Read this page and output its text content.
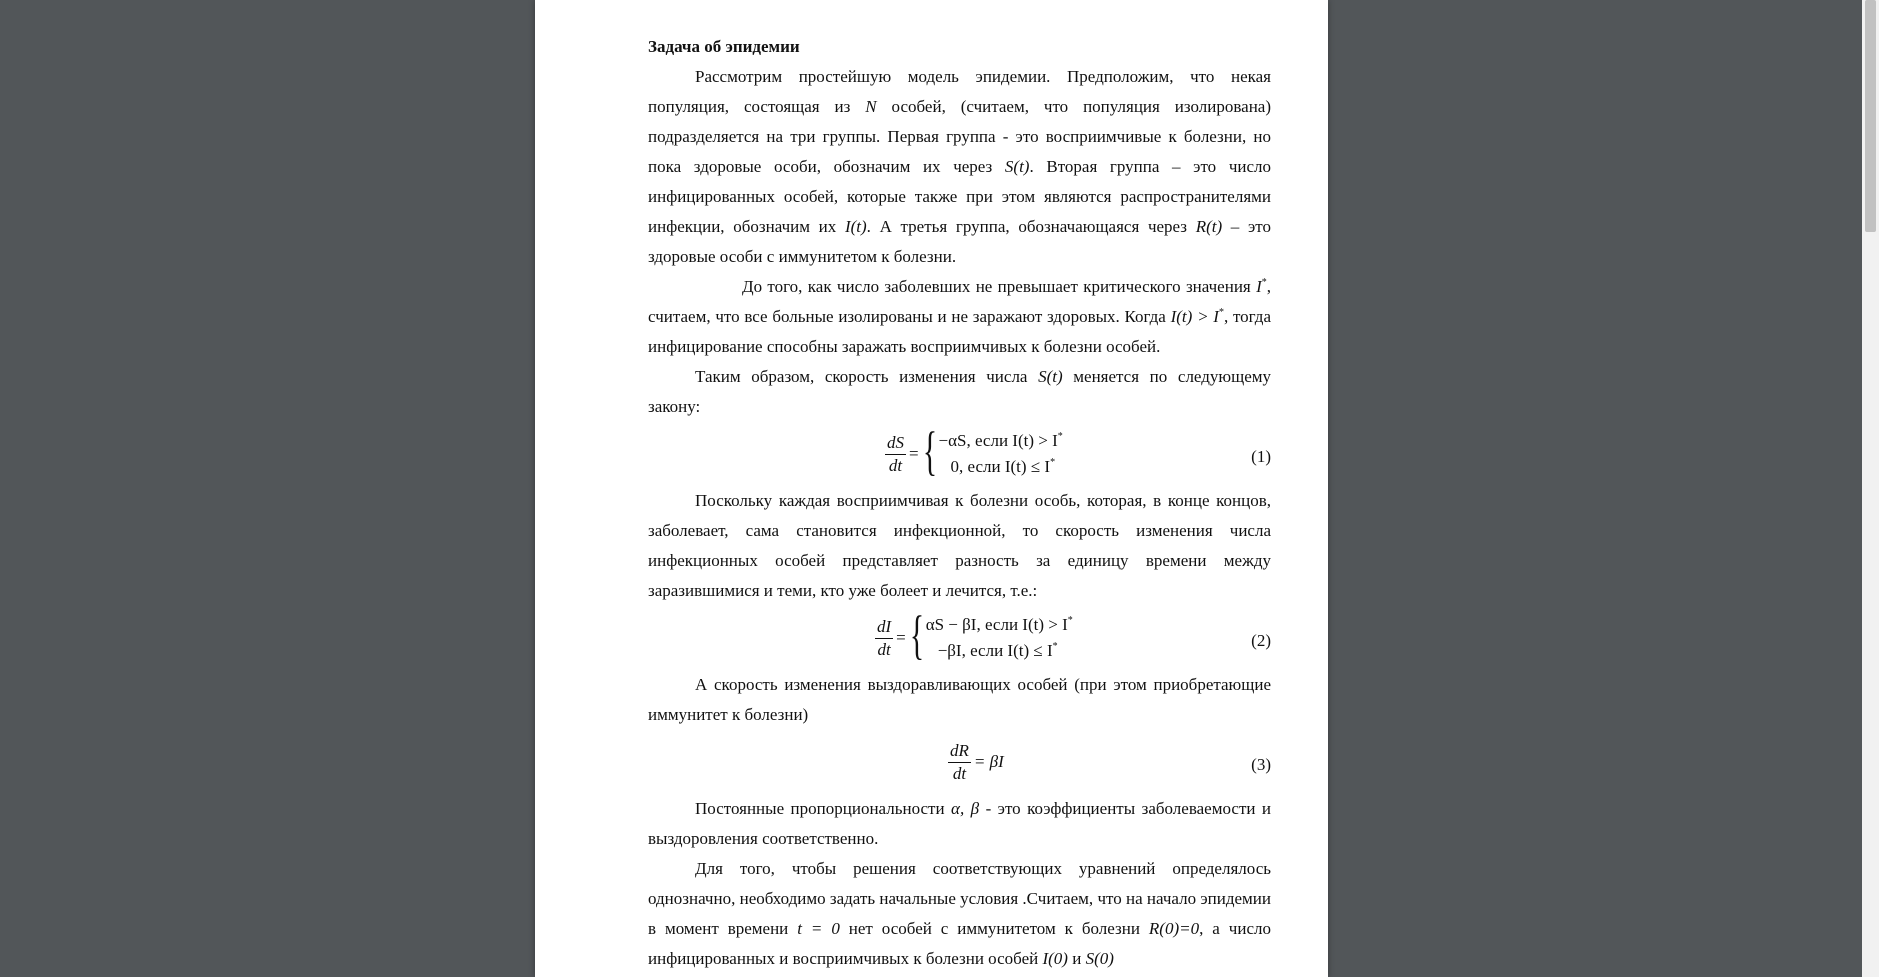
Задача об эпидемии

Рассмотрим простейшую модель эпидемии. Предположим, что некая популяция, состоящая из N особей, (считаем, что популяция изолирована) подразделяется на три группы. Первая группа - это восприимчивые к болезни, но пока здоровые особи, обозначим их через S(t). Вторая группа – это число инфицированных особей, которые также при этом являются распространителями инфекции, обозначим их I(t). А третья группа, обозначающаяся через R(t) – это здоровые особи с иммунитетом к болезни.

До того, как число заболевших не превышает критического значения I*, считаем, что все больные изолированы и не заражают здоровых. Когда I(t) > I*, тогда инфицирование способны заражать восприимчивых к болезни особей.

Таким образом, скорость изменения числа S(t) меняется по следующему закону:

$\frac{dS}{dt}$ = { −αS, если I(t) > I*
0, если I(t) ≤ I*	(1)

Поскольку каждая восприимчивая к болезни особь, которая, в конце концов, заболевает, сама становится инфекционной, то скорость изменения числа инфекционных особей представляет разность за единицу времени между заразившимися и теми, кто уже болеет и лечится, т.е.:

$\frac{dI}{dt}$ = { αS − βI, если I(t) > I*
−βI, если I(t) ≤ I*	(2)

А скорость изменения выздоравливающих особей (при этом приобретающие иммунитет к болезни)

$\frac{dR}{dt} = \beta I$	(3)

Постоянные пропорциональности α, β - это коэффициенты заболеваемости и выздоровления соответственно.

Для того, чтобы решения соответствующих уравнений определялось однозначно, необходимо задать начальные условия .Считаем, что на начало эпидемии в момент времени t = 0 нет особей с иммунитетом к болезни R(0)=0, а число инфицированных и восприимчивых к болезни особей I(0) и S(0)
